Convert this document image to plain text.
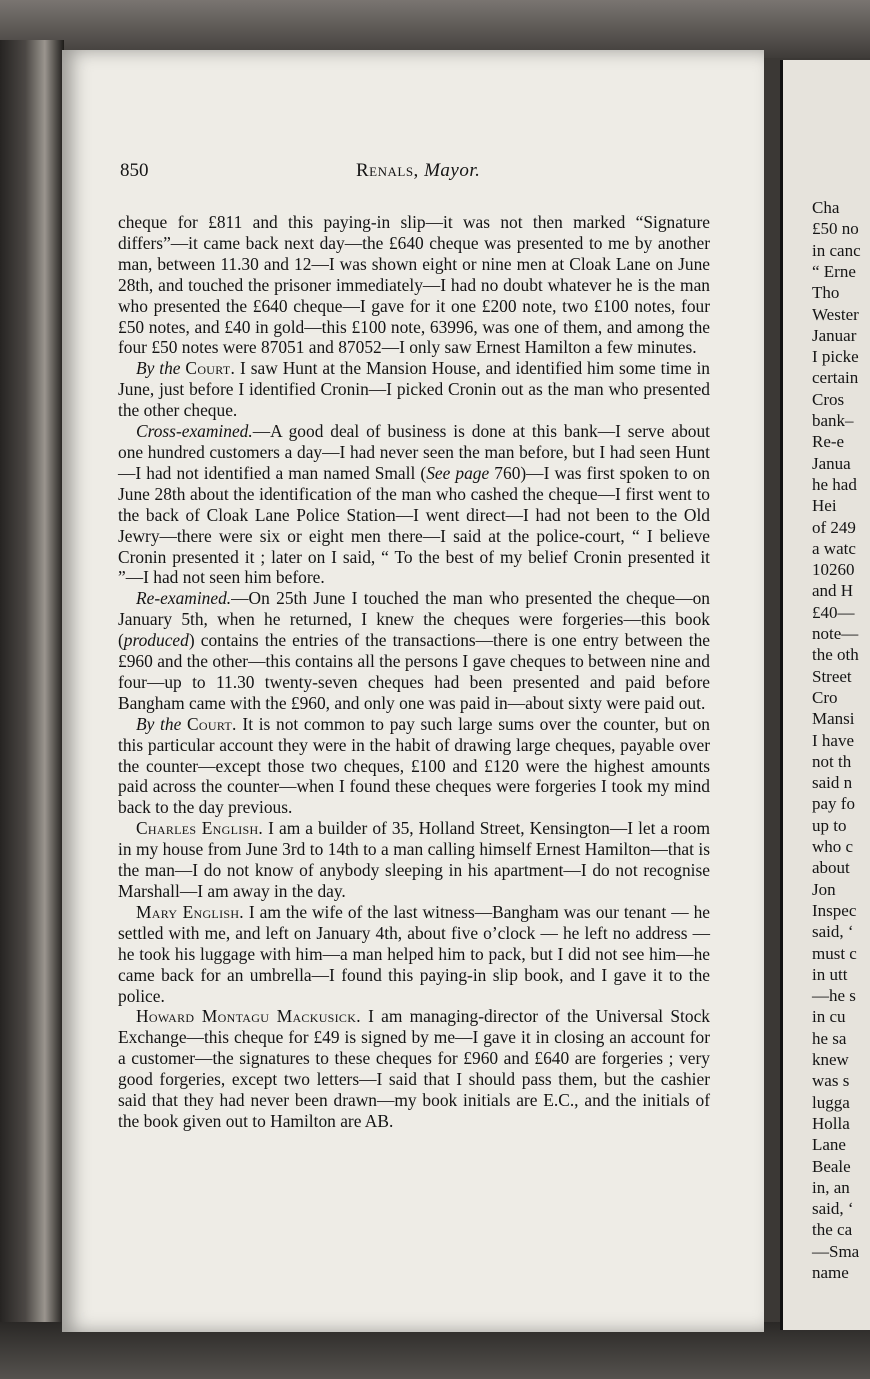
850	Renals, Mayor.

cheque for £811 and this paying-in slip—it was not then marked “Signature differs”—it came back next day—the £640 cheque was presented to me by another man, between 11.30 and 12—I was shown eight or nine men at Cloak Lane on June 28th, and touched the prisoner immediately—I had no doubt whatever he is the man who presented the £640 cheque—I gave for it one £200 note, two £100 notes, four £50 notes, and £40 in gold—this £100 note, 63996, was one of them, and among the four £50 notes were 87051 and 87052—I only saw Ernest Hamilton a few minutes.

By the Court. I saw Hunt at the Mansion House, and identified him some time in June, just before I identified Cronin—I picked Cronin out as the man who presented the other cheque.

Cross-examined.—A good deal of business is done at this bank—I serve about one hundred customers a day—I had never seen the man before, but I had seen Hunt—I had not identified a man named Small (See page 760)—I was first spoken to on June 28th about the identification of the man who cashed the cheque—I first went to the back of Cloak Lane Police Station—I went direct—I had not been to the Old Jewry—there were six or eight men there—I said at the police-court, “ I believe Cronin presented it ; later on I said, “ To the best of my belief Cronin presented it ”—I had not seen him before.

Re-examined.—On 25th June I touched the man who presented the cheque—on January 5th, when he returned, I knew the cheques were forgeries—this book (produced) contains the entries of the transactions—there is one entry between the £960 and the other—this contains all the persons I gave cheques to between nine and four—up to 11.30 twenty-seven cheques had been presented and paid before Bangham came with the £960, and only one was paid in—about sixty were paid out.

By the Court. It is not common to pay such large sums over the counter, but on this particular account they were in the habit of drawing large cheques, payable over the counter—except those two cheques, £100 and £120 were the highest amounts paid across the counter—when I found these cheques were forgeries I took my mind back to the day previous.

Charles English. I am a builder of 35, Holland Street, Kensington—I let a room in my house from June 3rd to 14th to a man calling himself Ernest Hamilton—that is the man—I do not know of anybody sleeping in his apartment—I do not recognise Marshall—I am away in the day.

Mary English. I am the wife of the last witness—Bangham was our tenant — he settled with me, and left on January 4th, about five o’clock — he left no address — he took his luggage with him—a man helped him to pack, but I did not see him—he came back for an umbrella—I found this paying-in slip book, and I gave it to the police.

Howard Montagu Mackusick. I am managing-director of the Universal Stock Exchange—this cheque for £49 is signed by me—I gave it in closing an account for a customer—the signatures to these cheques for £960 and £640 are forgeries ; very good forgeries, except two letters—I said that I should pass them, but the cashier said that they had never been drawn—my book initials are E.C., and the initials of the book given out to Hamilton are AB.

Cha
£50 no
in canc
“ Erne
Tho
Wester
Januar
I picke
certain
Cros
bank–
Re-e
Janua
he had
Hei
of 249
a watc
10260
and H
£40—
note—
the oth
Street
Cro
Mansi
I have
not th
said n
pay fo
up to
who c
about
Jon
Inspec
said, ‘
must c
in utt
—he s
in cu
he sa
knew
was s
lugga
Holla
Lane
Beale
in, an
said, ‘
the ca
—Sma
name
